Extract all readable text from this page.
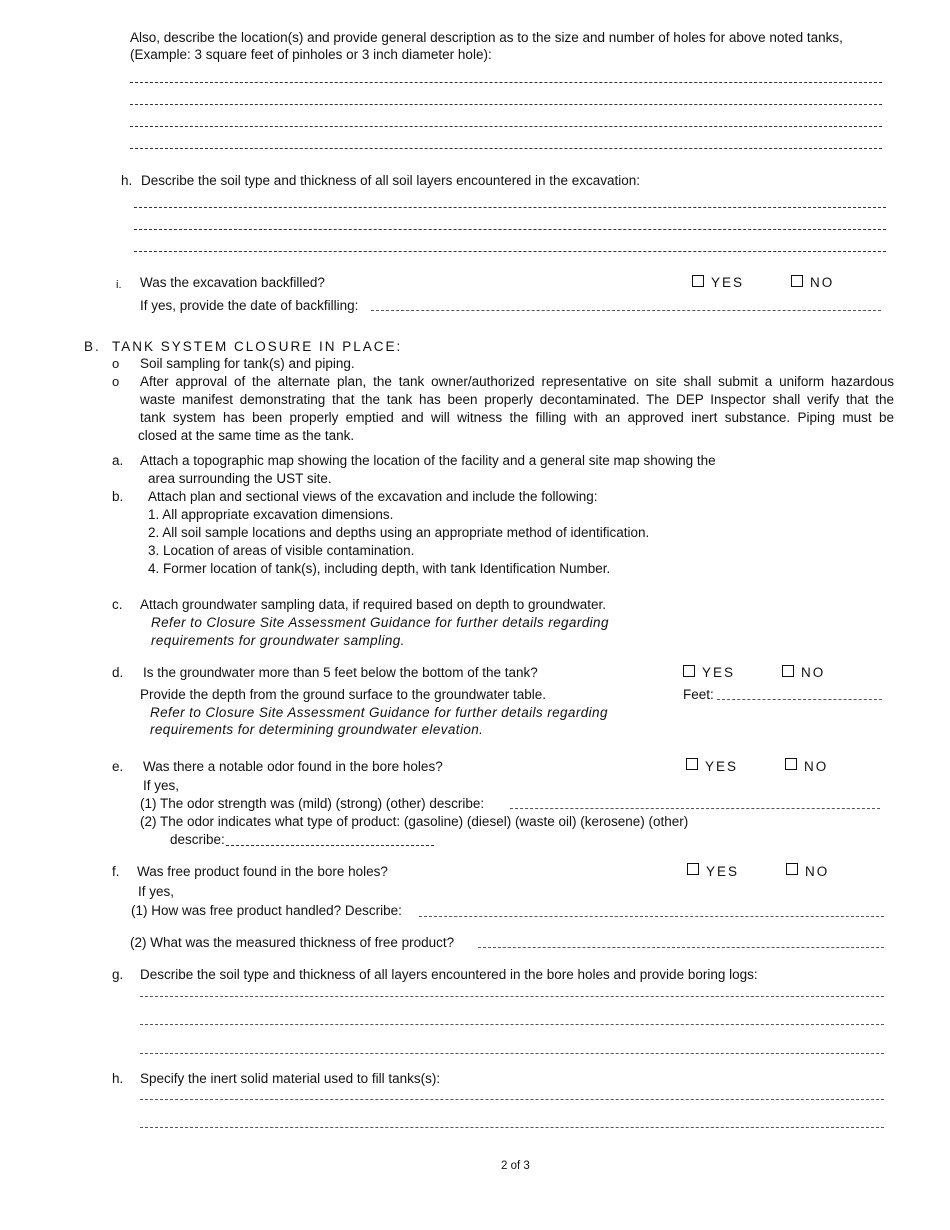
Also, describe the location(s) and provide general description as to the size and number of holes for above noted tanks,
(Example: 3 square feet of pinholes or 3 inch diameter hole):
h. Describe the soil type and thickness of all soil layers encountered in the excavation:
i. Was the excavation backfilled?	YES	NO
If yes, provide the date of backfilling:
B. TANK SYSTEM CLOSURE IN PLACE:
o Soil sampling for tank(s) and piping.
o After approval of the alternate plan, the tank owner/authorized representative on site shall submit a uniform hazardous
waste manifest demonstrating that the tank has been properly decontaminated. The DEP Inspector shall verify that the
tank system has been properly emptied and will witness the filling with an approved inert substance. Piping must be
closed at the same time as the tank.
a. Attach a topographic map showing the location of the facility and a general site map showing the
area surrounding the UST site.
b. Attach plan and sectional views of the excavation and include the following:
1. All appropriate excavation dimensions.
2. All soil sample locations and depths using an appropriate method of identification.
3. Location of areas of visible contamination.
4. Former location of tank(s), including depth, with tank Identification Number.
c. Attach groundwater sampling data, if required based on depth to groundwater.
Refer to Closure Site Assessment Guidance for further details regarding
requirements for groundwater sampling.
d. Is the groundwater more than 5 feet below the bottom of the tank?	YES	NO
Provide the depth from the ground surface to the groundwater table.	Feet:
Refer to Closure Site Assessment Guidance for further details regarding
requirements for determining groundwater elevation.
e. Was there a notable odor found in the bore holes?	YES	NO
If yes,
(1) The odor strength was (mild) (strong) (other) describe:
(2) The odor indicates what type of product: (gasoline) (diesel) (waste oil) (kerosene) (other)
describe:
f. Was free product found in the bore holes?	YES	NO
If yes,
(1) How was free product handled? Describe:
(2) What was the measured thickness of free product?
g. Describe the soil type and thickness of all layers encountered in the bore holes and provide boring logs:
h. Specify the inert solid material used to fill tanks(s):
2 of 3
